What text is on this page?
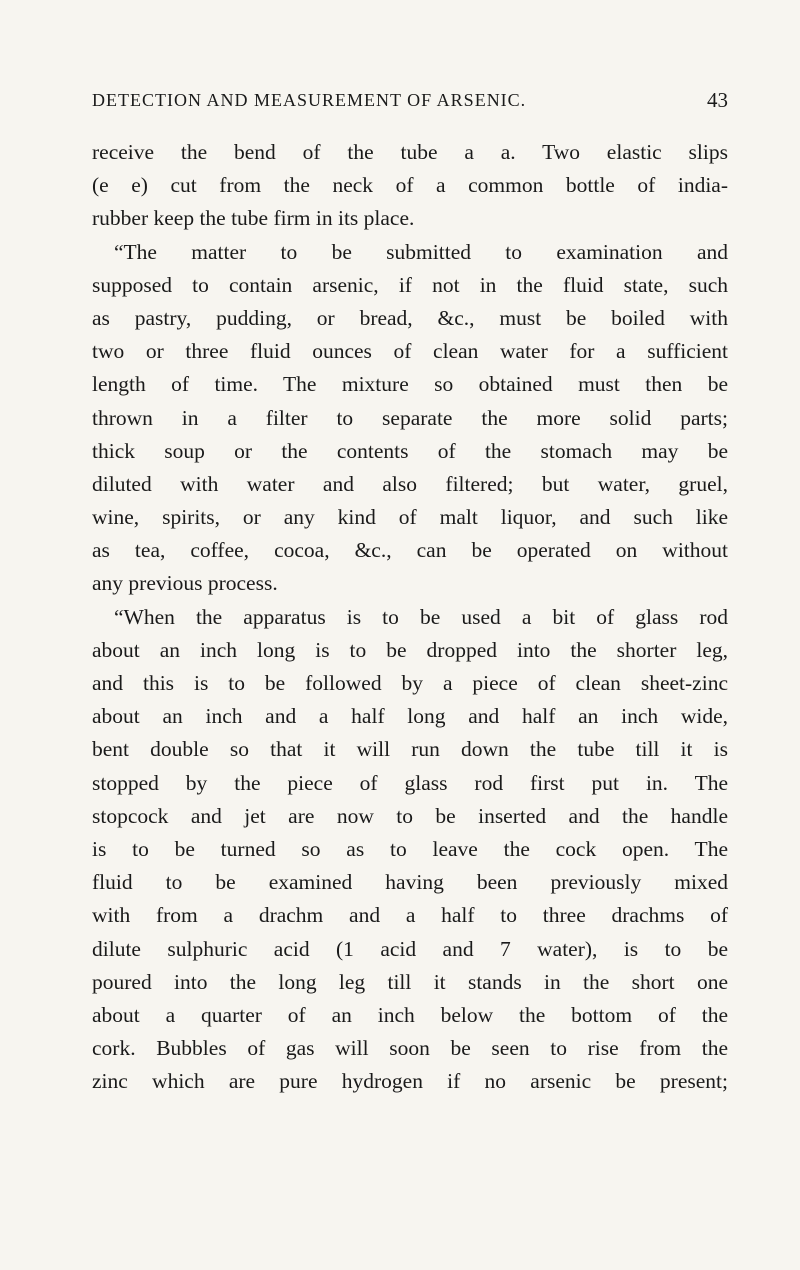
DETECTION AND MEASUREMENT OF ARSENIC.	43
receive the bend of the tube a a. Two elastic slips
(e e) cut from the neck of a common bottle of india-
rubber keep the tube firm in its place.
“The matter to be submitted to examination and
supposed to contain arsenic, if not in the fluid state, such
as pastry, pudding, or bread, &c., must be boiled with
two or three fluid ounces of clean water for a sufficient
length of time. The mixture so obtained must then be
thrown in a filter to separate the more solid parts;
thick soup or the contents of the stomach may be
diluted with water and also filtered; but water, gruel,
wine, spirits, or any kind of malt liquor, and such like
as tea, coffee, cocoa, &c., can be operated on without
any previous process.
“When the apparatus is to be used a bit of glass rod
about an inch long is to be dropped into the shorter leg,
and this is to be followed by a piece of clean sheet-zinc
about an inch and a half long and half an inch wide,
bent double so that it will run down the tube till it is
stopped by the piece of glass rod first put in. The
stopcock and jet are now to be inserted and the handle
is to be turned so as to leave the cock open. The
fluid to be examined having been previously mixed
with from a drachm and a half to three drachms of
dilute sulphuric acid (1 acid and 7 water), is to be
poured into the long leg till it stands in the short one
about a quarter of an inch below the bottom of the
cork. Bubbles of gas will soon be seen to rise from the
zinc which are pure hydrogen if no arsenic be present;
